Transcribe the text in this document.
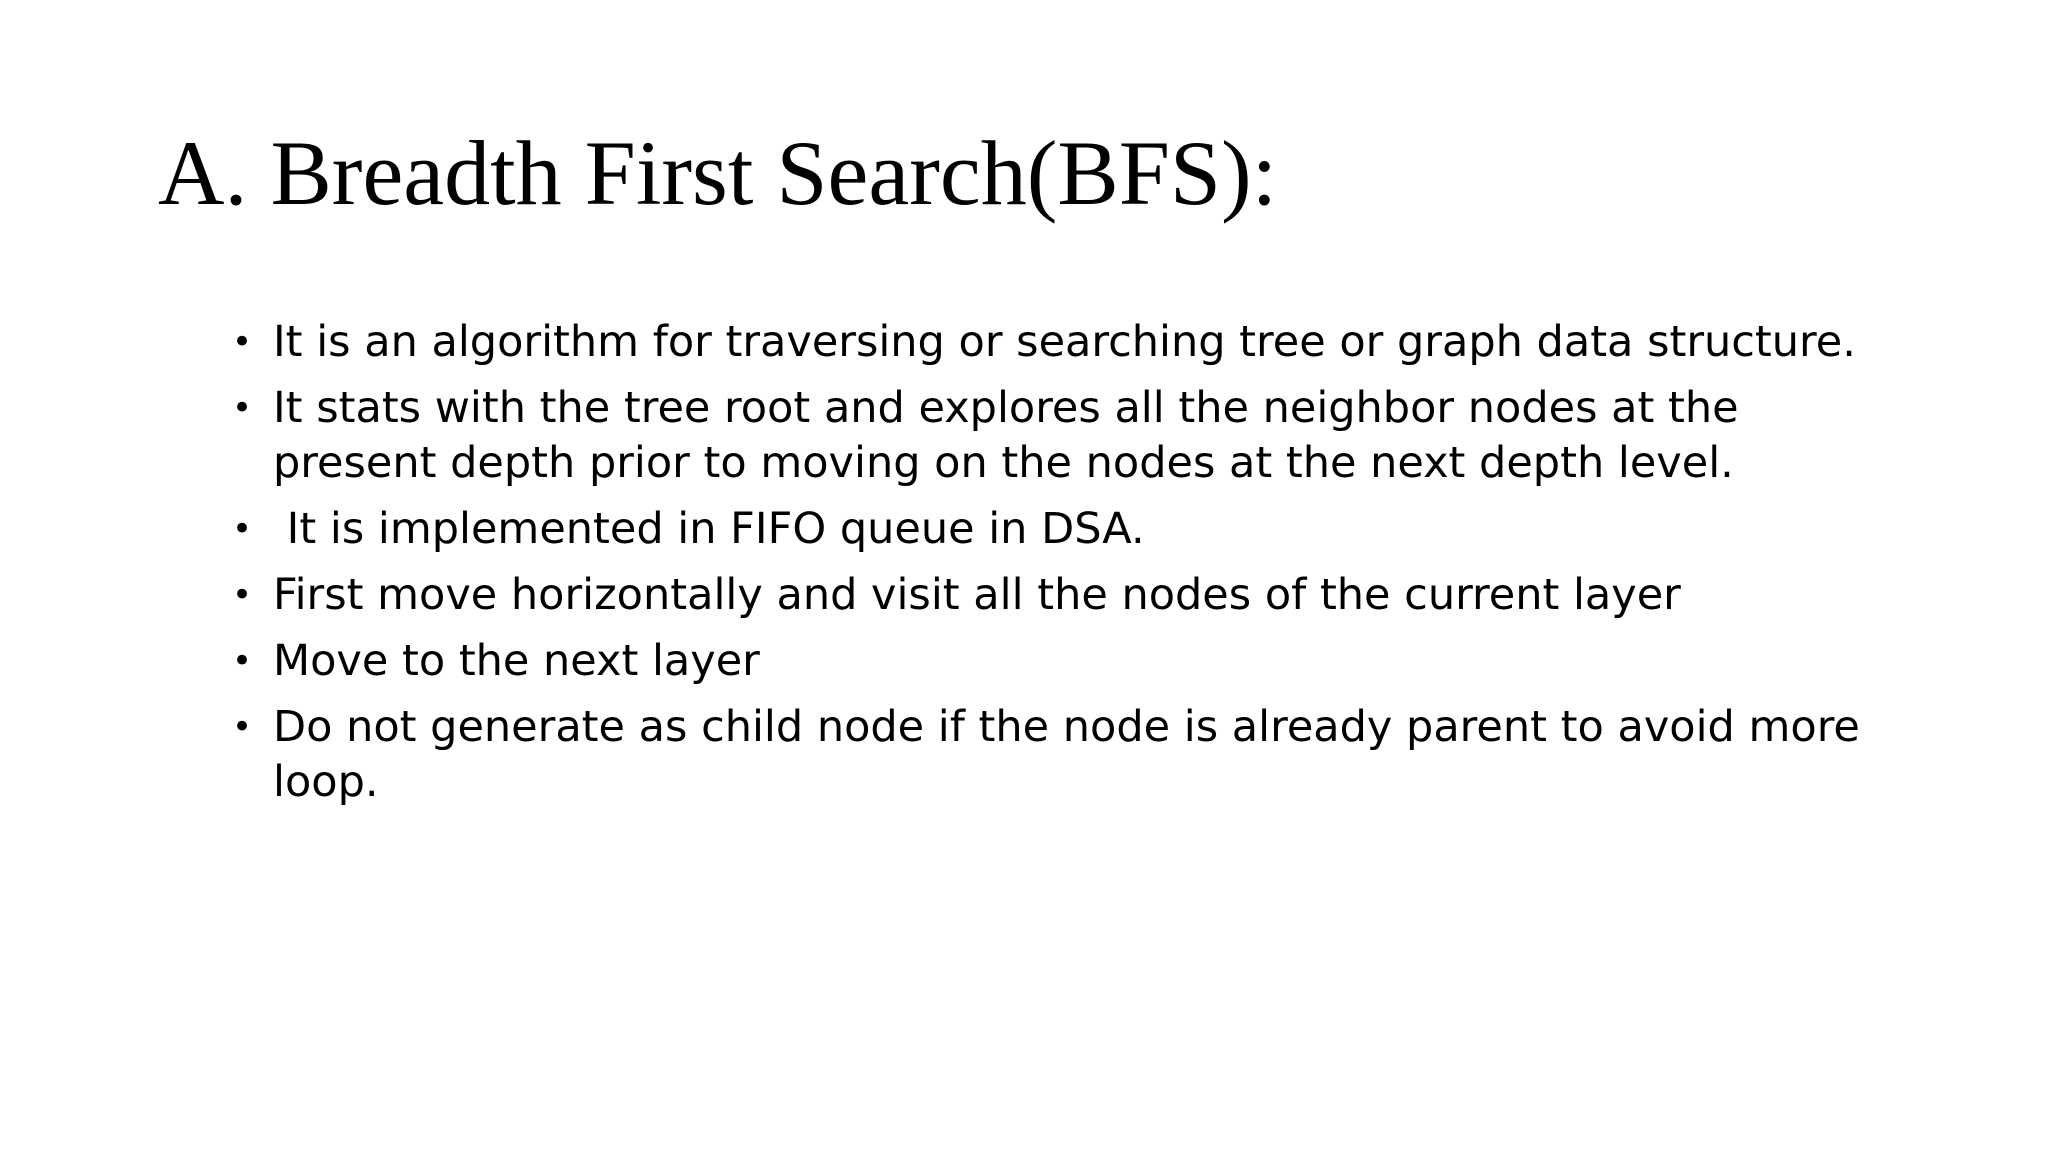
A. Breadth First Search(BFS):
• It is an algorithm for traversing or searching tree or graph data structure.
• It stats with the tree root and explores all the neighbor nodes at the present depth prior to moving on the nodes at the next depth level.
• It is implemented in FIFO queue in DSA.
• First move horizontally and visit all the nodes of the current layer
• Move to the next layer
• Do not generate as child node if the node is already parent to avoid more loop.
